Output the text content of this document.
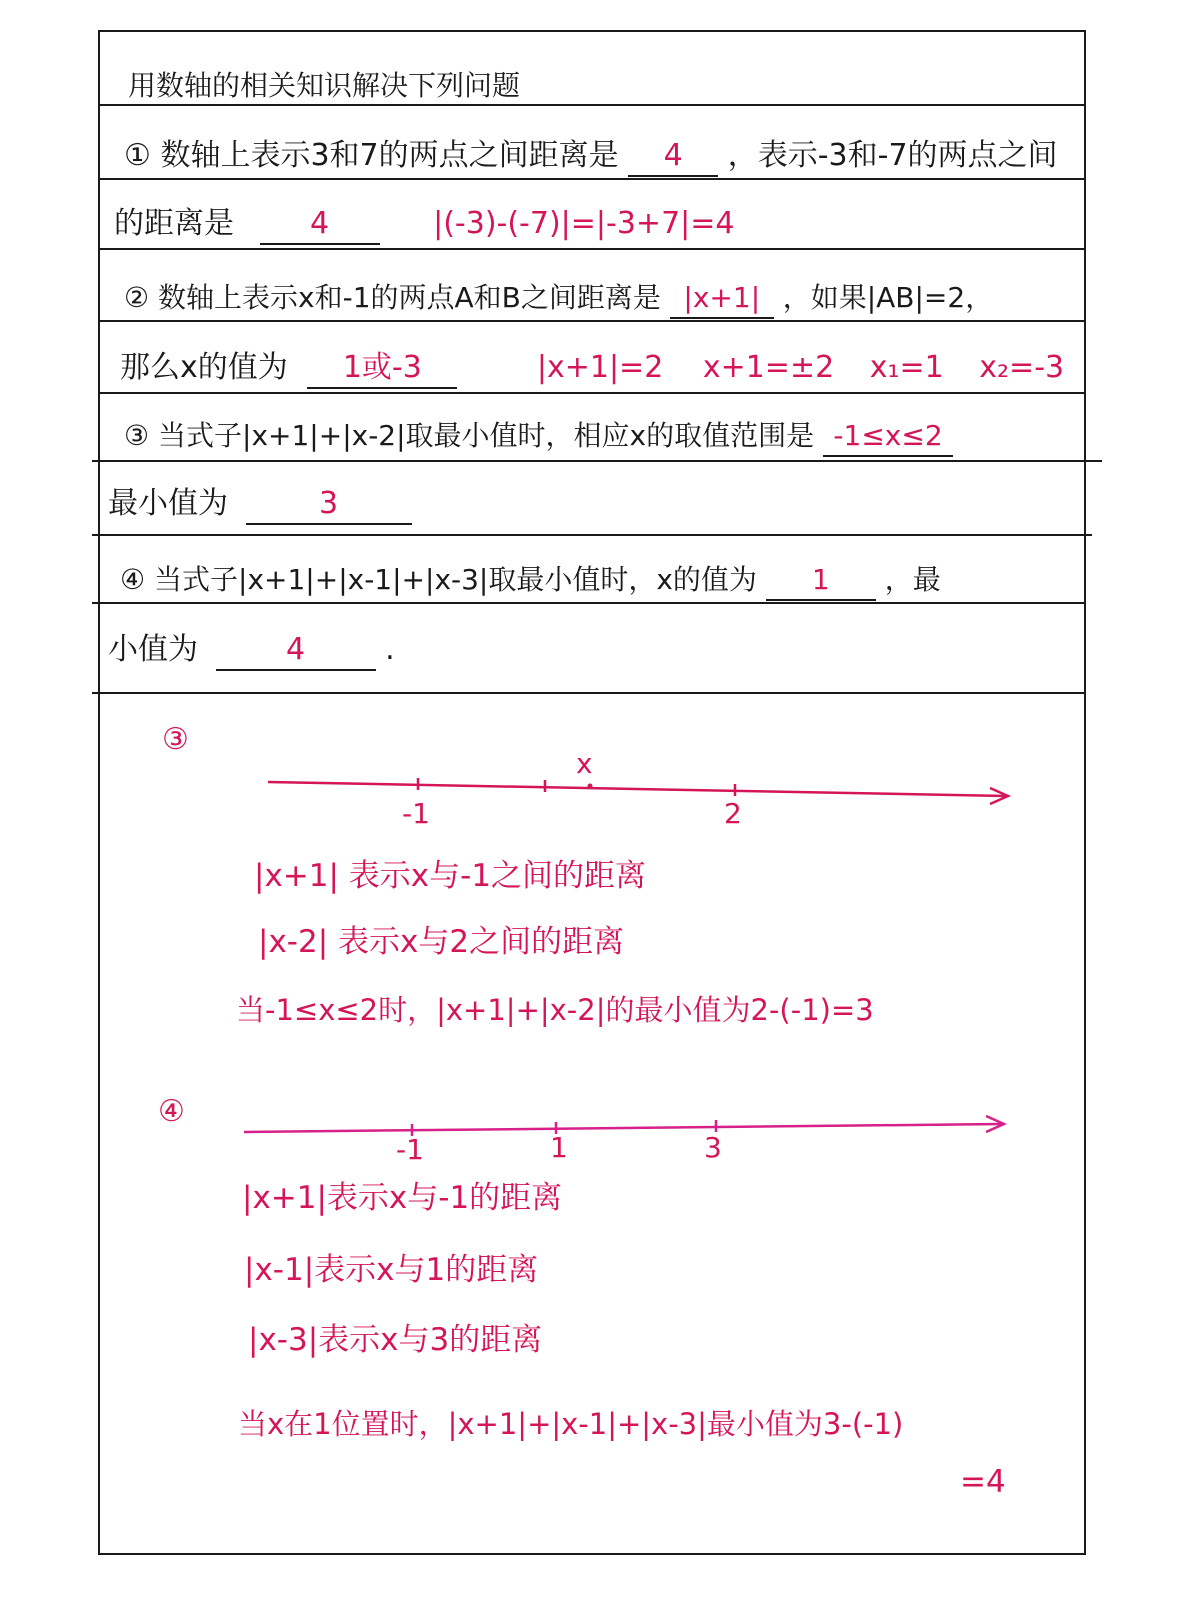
用数轴的相关知识解决下列问题
① 数轴上表示3和7的两点之间距离是 4 ，表示-3和-7的两点之间
的距离是	4	|(-3)-(-7)|=|-3+7|=4
② 数轴上表示x和-1的两点A和B之间距离是 |x+1| ，如果|AB|=2，
那么x的值为 1或-3	|x+1|=2 x+1=±2 x₁=1 x₂=-3
③ 当式子|x+1|+|x-2|取最小值时，相应x的取值范围是 -1≤x≤2
最小值为	3
④ 当式子|x+1|+|x-1|+|x-3|取最小值时，x的值为 1 ，最
小值为	4	.
③
x
-1	2
|x+1| 表示x与-1之间的距离
|x-2| 表示x与2之间的距离
当-1≤x≤2时，|x+1|+|x-2|的最小值为2-(-1)=3
④
-1	1	3
|x+1|表示x与-1的距离
|x-1|表示x与1的距离
|x-3|表示x与3的距离
当x在1位置时，|x+1|+|x-1|+|x-3|最小值为3-(-1)
=4
